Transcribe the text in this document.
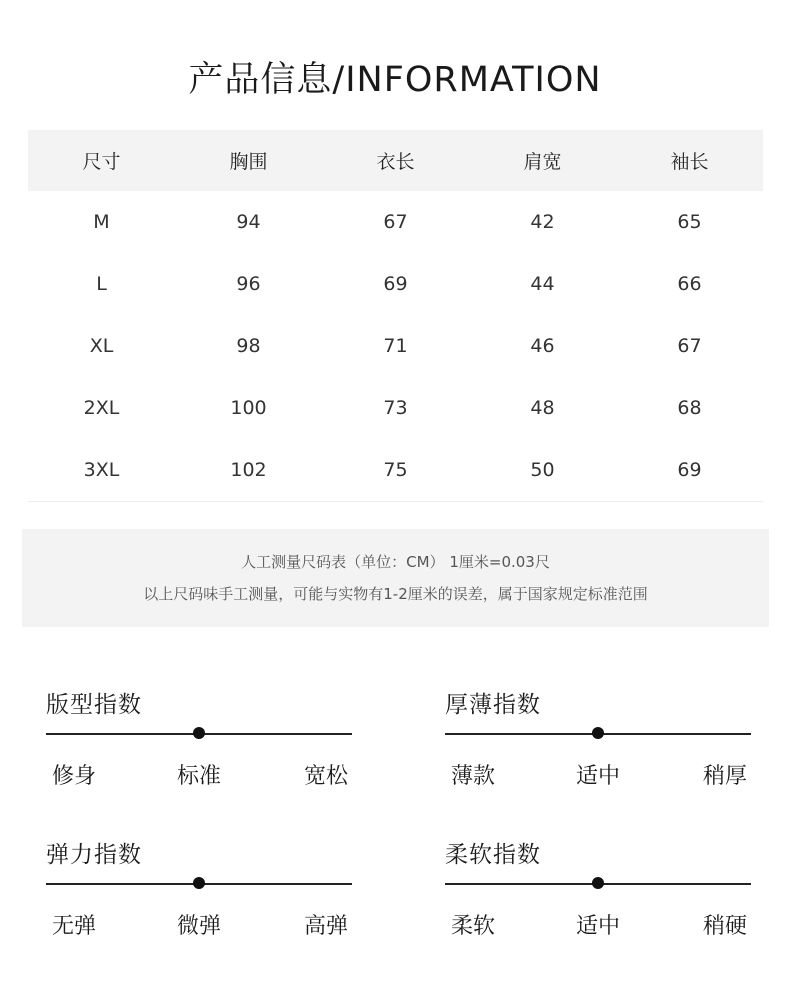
产品信息/INFORMATION
尺寸	胸围	衣长	肩宽	袖长
M	94	67	42	65
L	96	69	44	66
XL	98	71	46	67
2XL	100	73	48	68
3XL	102	75	50	69
人工测量尺码表（单位：CM） 1厘米=0.03尺
以上尺码味手工测量，可能与实物有1-2厘米的误差，属于国家规定标准范围
版型指数
修身	标准	宽松
厚薄指数
薄款	适中	稍厚
弹力指数
无弹	微弹	高弹
柔软指数
柔软	适中	稍硬
